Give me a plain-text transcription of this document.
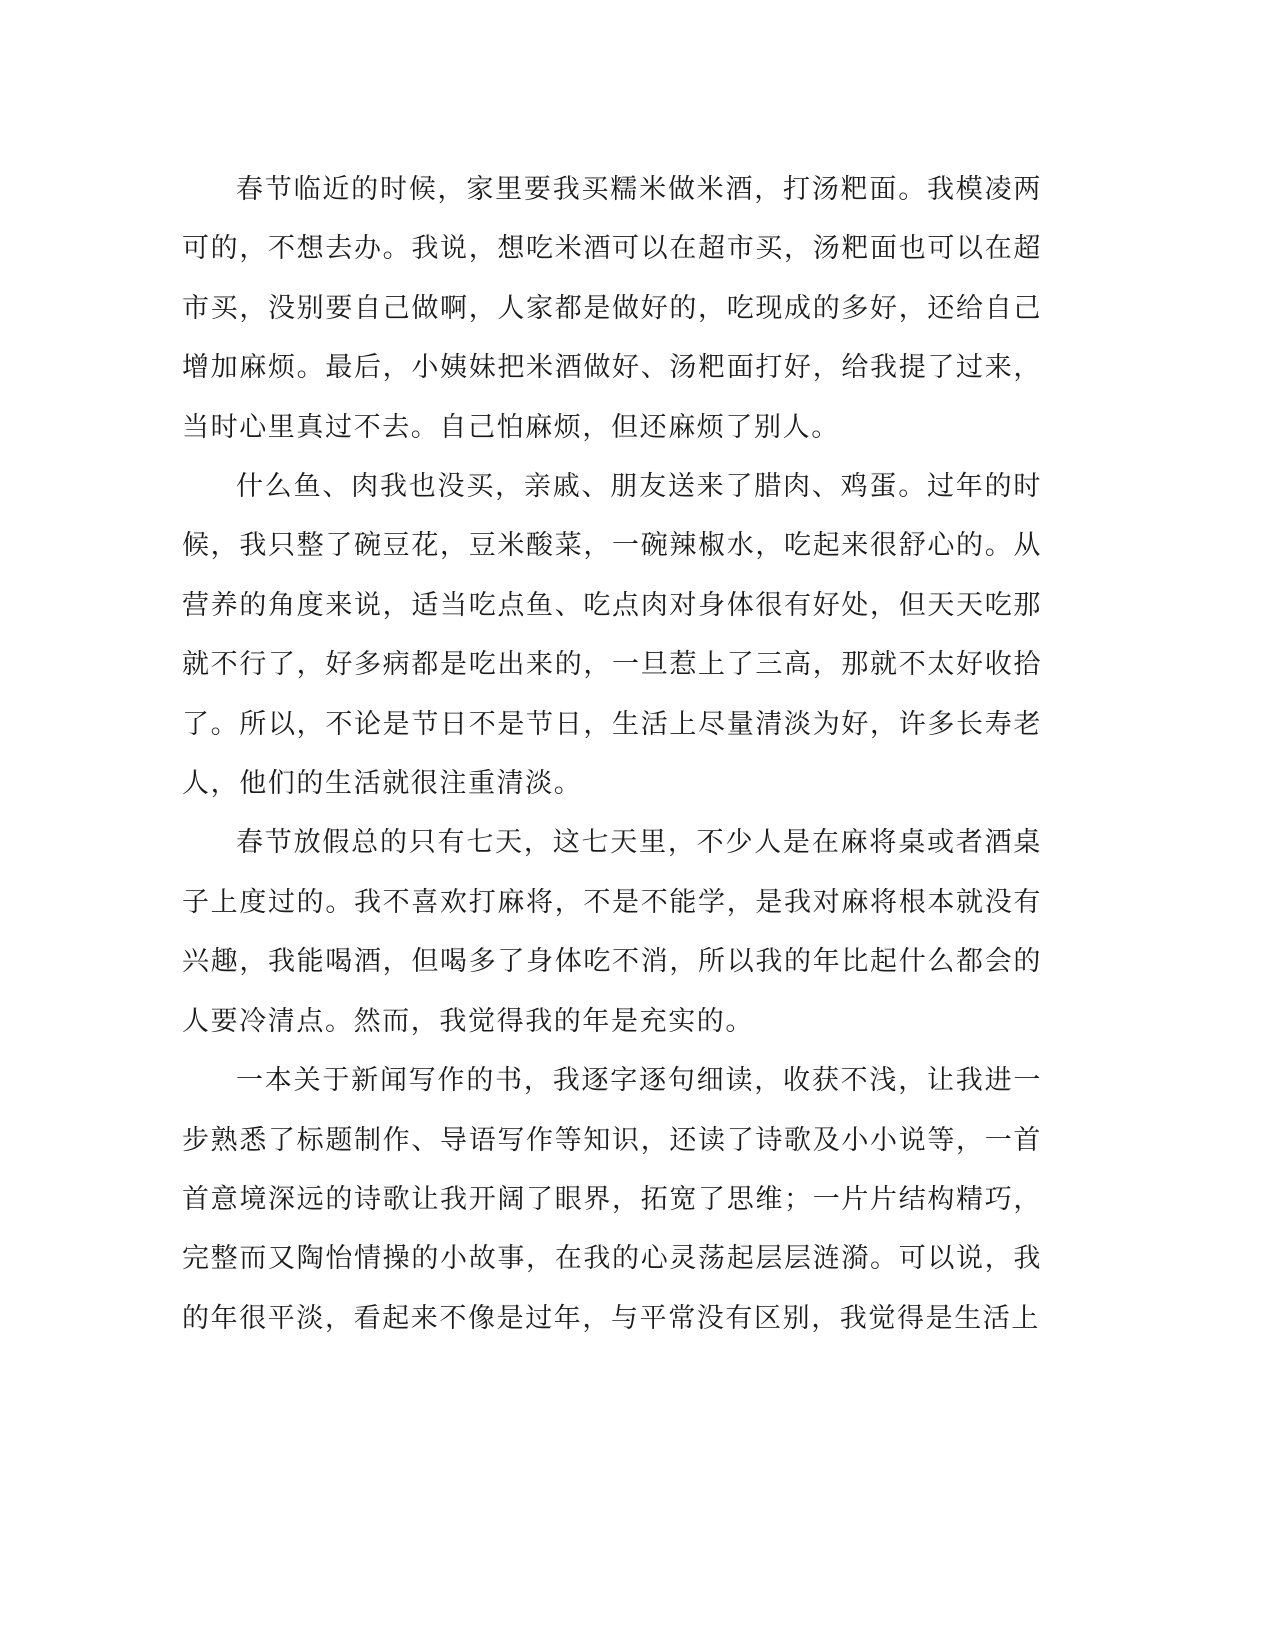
春节临近的时候，家里要我买糯米做米酒，打汤粑面。我模凌两可的，不想去办。我说，想吃米酒可以在超市买，汤粑面也可以在超市买，没别要自己做啊，人家都是做好的，吃现成的多好，还给自己增加麻烦。最后，小姨妹把米酒做好、汤粑面打好，给我提了过来，当时心里真过不去。自己怕麻烦，但还麻烦了别人。

什么鱼、肉我也没买，亲戚、朋友送来了腊肉、鸡蛋。过年的时候，我只整了碗豆花，豆米酸菜，一碗辣椒水，吃起来很舒心的。从营养的角度来说，适当吃点鱼、吃点肉对身体很有好处，但天天吃那就不行了，好多病都是吃出来的，一旦惹上了三高，那就不太好收拾了。所以，不论是节日不是节日，生活上尽量清淡为好，许多长寿老人，他们的生活就很注重清淡。

春节放假总的只有七天，这七天里，不少人是在麻将桌或者酒桌子上度过的。我不喜欢打麻将，不是不能学，是我对麻将根本就没有兴趣，我能喝酒，但喝多了身体吃不消，所以我的年比起什么都会的人要冷清点。然而，我觉得我的年是充实的。

一本关于新闻写作的书，我逐字逐句细读，收获不浅，让我进一步熟悉了标题制作、导语写作等知识，还读了诗歌及小小说等，一首首意境深远的诗歌让我开阔了眼界，拓宽了思维；一片片结构精巧，完整而又陶怡情操的小故事，在我的心灵荡起层层涟漪。可以说，我的年很平淡，看起来不像是过年，与平常没有区别，我觉得是生活上
